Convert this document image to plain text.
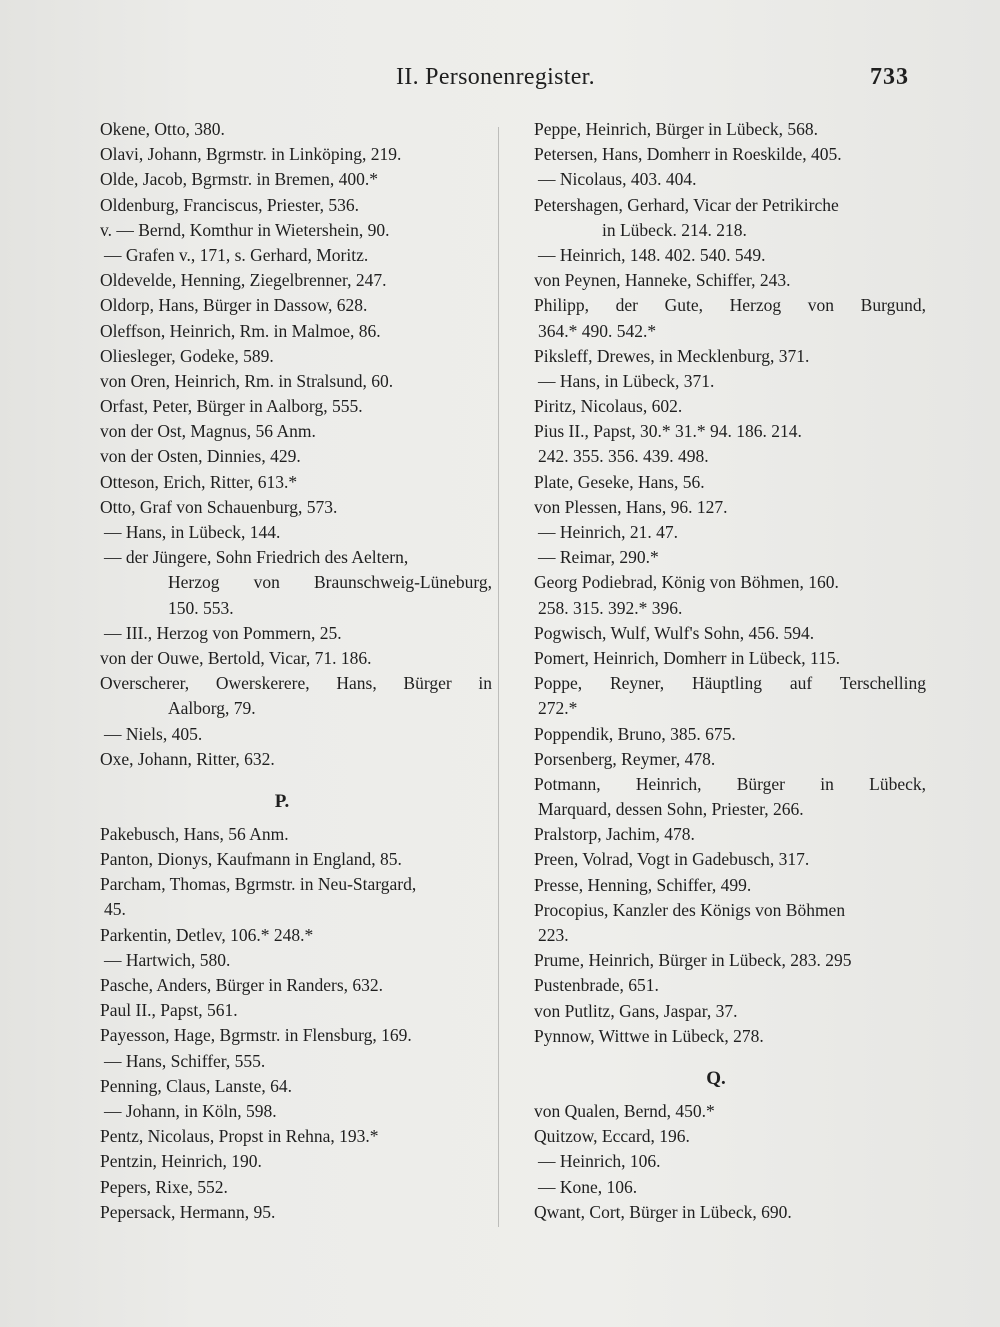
II. Personenregister.	733
Okene, Otto, 380.
Olavi, Johann, Bgrmstr. in Linköping, 219.
Olde, Jacob, Bgrmstr. in Bremen, 400.*
Oldenburg, Franciscus, Priester, 536.
v. — Bernd, Komthur in Wietershein, 90.
— Grafen v., 171, s. Gerhard, Moritz.
Oldevelde, Henning, Ziegelbrenner, 247.
Oldorp, Hans, Bürger in Dassow, 628.
Oleffson, Heinrich, Rm. in Malmoe, 86.
Oliesleger, Godeke, 589.
von Oren, Heinrich, Rm. in Stralsund, 60.
Orfast, Peter, Bürger in Aalborg, 555.
von der Ost, Magnus, 56 Anm.
von der Osten, Dinnies, 429.
Otteson, Erich, Ritter, 613.*
Otto, Graf von Schauenburg, 573.
— Hans, in Lübeck, 144.
— der Jüngere, Sohn Friedrich des Aeltern,
Herzog von Braunschweig-Lüneburg,
150. 553.
— III., Herzog von Pommern, 25.
von der Ouwe, Bertold, Vicar, 71. 186.
Overscherer, Owerskerere, Hans, Bürger in
Aalborg, 79.
— Niels, 405.
Oxe, Johann, Ritter, 632.
P.
Pakebusch, Hans, 56 Anm.
Panton, Dionys, Kaufmann in England, 85.
Parcham, Thomas, Bgrmstr. in Neu-Stargard,
45.
Parkentin, Detlev, 106.* 248.*
— Hartwich, 580.
Pasche, Anders, Bürger in Randers, 632.
Paul II., Papst, 561.
Payesson, Hage, Bgrmstr. in Flensburg, 169.
— Hans, Schiffer, 555.
Penning, Claus, Lanste, 64.
— Johann, in Köln, 598.
Pentz, Nicolaus, Propst in Rehna, 193.*
Pentzin, Heinrich, 190.
Pepers, Rixe, 552.
Pepersack, Hermann, 95.
Peppe, Heinrich, Bürger in Lübeck, 568.
Petersen, Hans, Domherr in Roeskilde, 405.
— Nicolaus, 403. 404.
Petershagen, Gerhard, Vicar der Petrikirche
in Lübeck. 214. 218.
— Heinrich, 148. 402. 540. 549.
von Peynen, Hanneke, Schiffer, 243.
Philipp, der Gute, Herzog von Burgund,
364.* 490. 542.*
Piksleff, Drewes, in Mecklenburg, 371.
— Hans, in Lübeck, 371.
Piritz, Nicolaus, 602.
Pius II., Papst, 30.* 31.* 94. 186. 214.
242. 355. 356. 439. 498.
Plate, Geseke, Hans, 56.
von Plessen, Hans, 96. 127.
— Heinrich, 21. 47.
— Reimar, 290.*
Georg Podiebrad, König von Böhmen, 160.
258. 315. 392.* 396.
Pogwisch, Wulf, Wulf's Sohn, 456. 594.
Pomert, Heinrich, Domherr in Lübeck, 115.
Poppe, Reyner, Häuptling auf Terschelling
272.*
Poppendik, Bruno, 385. 675.
Porsenberg, Reymer, 478.
Potmann, Heinrich, Bürger in Lübeck,
Marquard, dessen Sohn, Priester, 266.
Pralstorp, Jachim, 478.
Preen, Volrad, Vogt in Gadebusch, 317.
Presse, Henning, Schiffer, 499.
Procopius, Kanzler des Königs von Böhmen
223.
Prume, Heinrich, Bürger in Lübeck, 283. 295
Pustenbrade, 651.
von Putlitz, Gans, Jaspar, 37.
Pynnow, Wittwe in Lübeck, 278.
Q.
von Qualen, Bernd, 450.*
Quitzow, Eccard, 196.
— Heinrich, 106.
— Kone, 106.
Qwant, Cort, Bürger in Lübeck, 690.
